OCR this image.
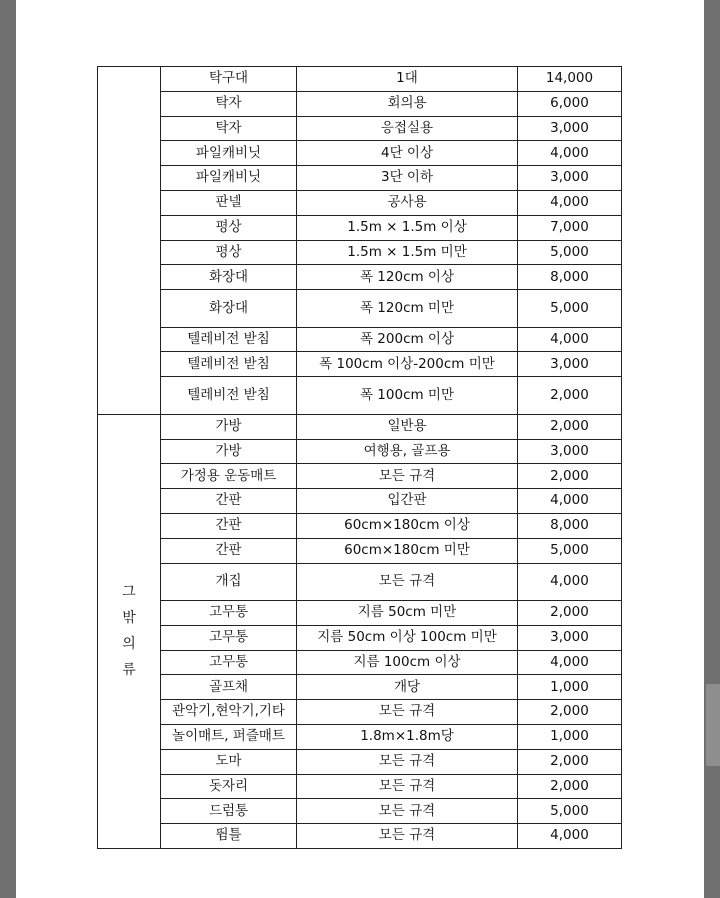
	탁구대	1대	14,000
	탁자	회의용	6,000
	탁자	응접실용	3,000
	파일캐비닛	4단 이상	4,000
	파일캐비닛	3단 이하	3,000
	판넬	공사용	4,000
	평상	1.5m × 1.5m 이상	7,000
	평상	1.5m × 1.5m 미만	5,000
	화장대	폭 120cm 이상	8,000
	화장대	폭 120cm 미만	5,000
	텔레비전 받침	폭 200cm 이상	4,000
	텔레비전 받침	폭 100cm 이상-200cm 미만	3,000
	텔레비전 받침	폭 100cm 미만	2,000
그
밖
의
류	가방	일반용	2,000
	가방	여행용, 골프용	3,000
	가정용 운동매트	모든 규격	2,000
	간판	입간판	4,000
	간판	60cm×180cm 이상	8,000
	간판	60cm×180cm 미만	5,000
	개집	모든 규격	4,000
	고무통	지름 50cm 미만	2,000
	고무통	지름 50cm 이상 100cm 미만	3,000
	고무통	지름 100cm 이상	4,000
	골프채	개당	1,000
	관악기,현악기,기타	모든 규격	2,000
	놀이매트, 퍼즐매트	1.8m×1.8m당	1,000
	도마	모든 규격	2,000
	돗자리	모든 규격	2,000
	드럼통	모든 규격	5,000
	뜀틀	모든 규격	4,000
